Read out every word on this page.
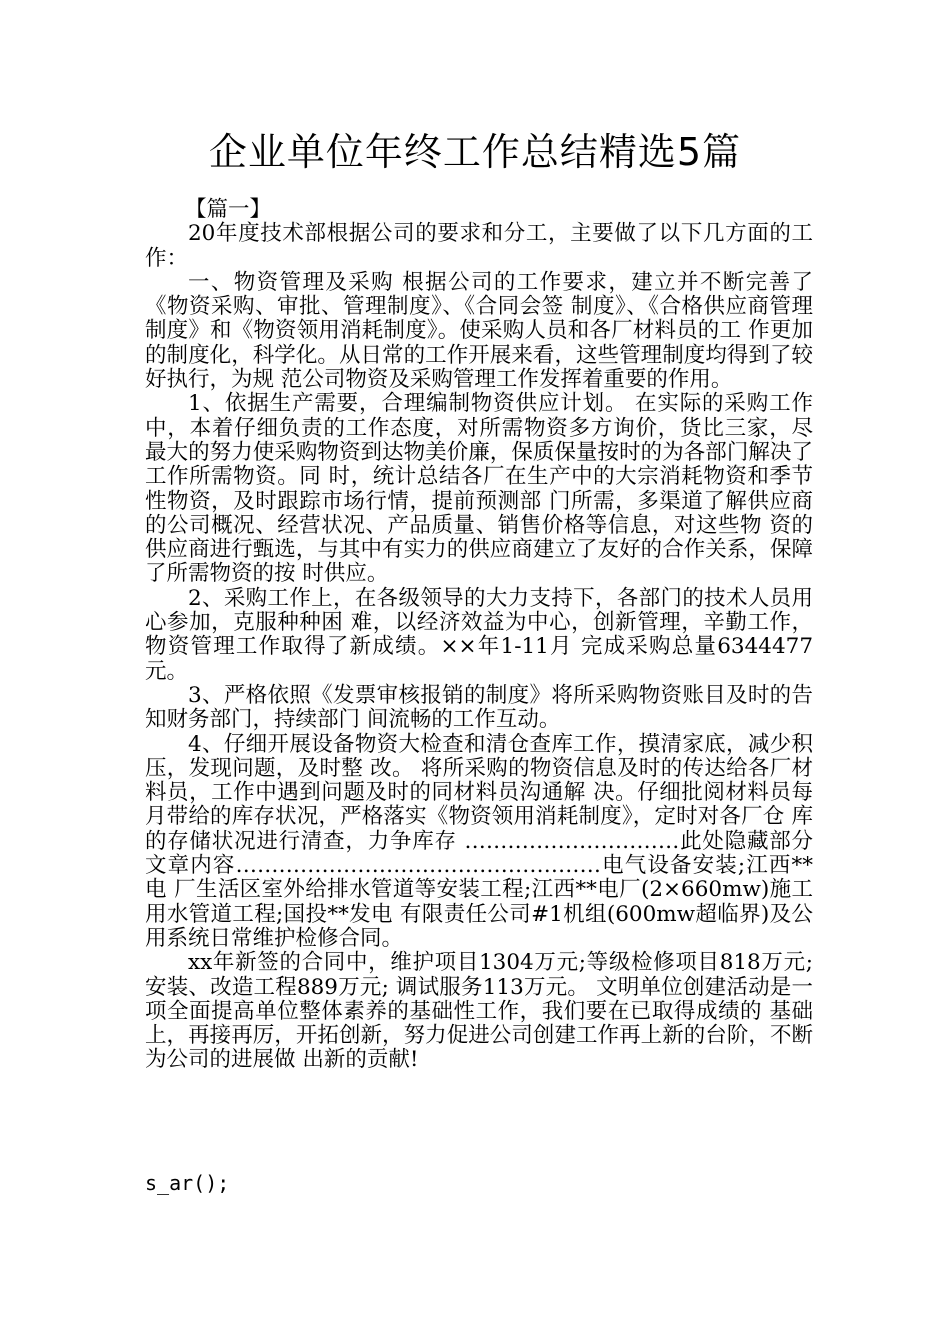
企业单位年终工作总结精选5篇

【篇一】

20年度技术部根据公司的要求和分工，主要做了以下几方面的工作：

一、物资管理及采购 根据公司的工作要求，建立并不断完善了《物资采购、审批、管理制度》、《合同会签 制度》、《合格供应商管理制度》和《物资领用消耗制度》。使采购人员和各厂材料员的工 作更加的制度化，科学化。从日常的工作开展来看，这些管理制度均得到了较好执行，为规 范公司物资及采购管理工作发挥着重要的作用。

1、依据生产需要，合理编制物资供应计划。 在实际的采购工作中，本着仔细负责的工作态度，对所需物资多方询价，货比三家，尽 最大的努力使采购物资到达物美价廉，保质保量按时的为各部门解决了工作所需物资。同 时，统计总结各厂在生产中的大宗消耗物资和季节性物资，及时跟踪市场行情，提前预测部 门所需，多渠道了解供应商的公司概况、经营状况、产品质量、销售价格等信息，对这些物 资的供应商进行甄选，与其中有实力的供应商建立了友好的合作关系，保障了所需物资的按 时供应。

2、采购工作上，在各级领导的大力支持下，各部门的技术人员用心参加，克服种种困 难，以经济效益为中心，创新管理，辛勤工作，物资管理工作取得了新成绩。××年1-11月 完成采购总量6344477元。

3、严格依照《发票审核报销的制度》将所采购物资账目及时的告知财务部门，持续部门 间流畅的工作互动。

4、仔细开展设备物资大检查和清仓查库工作，摸清家底，减少积压，发现问题，及时整 改。 将所采购的物资信息及时的传达给各厂材料员，工作中遇到问题及时的同材料员沟通解 决。仔细批阅材料员每月带给的库存状况，严格落实《物资领用消耗制度》，定时对各厂仓 库的存储状况进行清查，力争库存 …………………………此处隐藏部分文章内容……………………………………………电气设备安装;江西**电 厂生活区室外给排水管道等安装工程;江西**电厂(2×660mw)施工用水管道工程;国投**发电 有限责任公司#1机组(600mw超临界)及公用系统日常维护检修合同。

xx年新签的合同中，维护项目1304万元;等级检修项目818万元;安装、改造工程889万元; 调试服务113万元。 文明单位创建活动是一项全面提高单位整体素养的基础性工作，我们要在已取得成绩的 基础上，再接再厉，开拓创新，努力促进公司创建工作再上新的台阶，不断为公司的进展做 出新的贡献!

s_ar();
